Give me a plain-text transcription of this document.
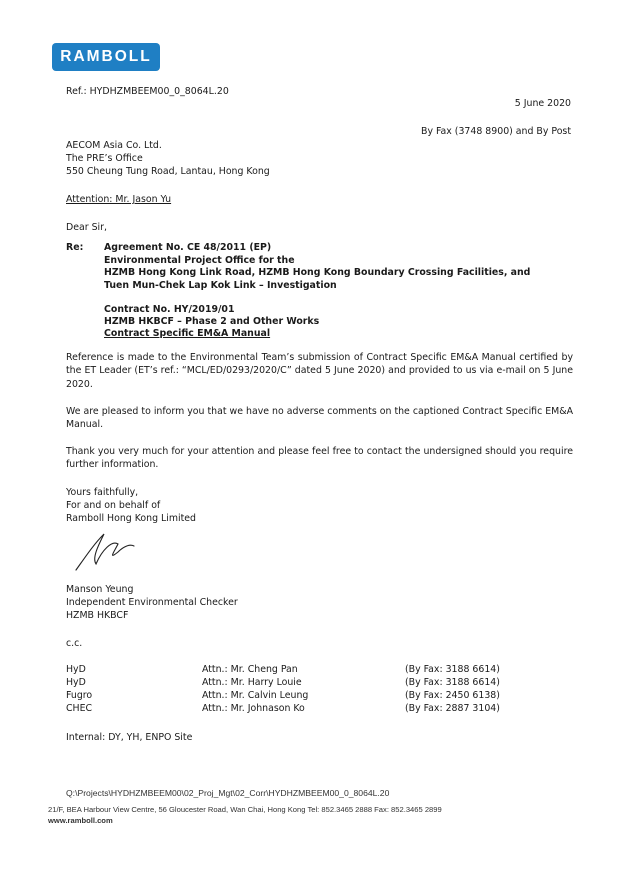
RAMBOLL
Ref.: HYDHZMBEEM00_0_8064L.20
5 June 2020
By Fax (3748 8900) and By Post
AECOM Asia Co. Ltd.
The PRE’s Office
550 Cheung Tung Road, Lantau, Hong Kong
Attention: Mr. Jason Yu
Dear Sir,
Re: Agreement No. CE 48/2011 (EP)
Environmental Project Office for the
HZMB Hong Kong Link Road, HZMB Hong Kong Boundary Crossing Facilities, and
Tuen Mun-Chek Lap Kok Link – Investigation
Contract No. HY/2019/01
HZMB HKBCF – Phase 2 and Other Works
Contract Specific EM&A Manual
Reference is made to the Environmental Team’s submission of Contract Specific EM&A Manual certified by the ET Leader (ET’s ref.: “MCL/ED/0293/2020/C” dated 5 June 2020) and provided to us via e-mail on 5 June 2020.
We are pleased to inform you that we have no adverse comments on the captioned Contract Specific EM&A Manual.
Thank you very much for your attention and please feel free to contact the undersigned should you require further information.
Yours faithfully,
For and on behalf of
Ramboll Hong Kong Limited
Manson Yeung
Independent Environmental Checker
HZMB HKBCF
c.c.
HyD	Attn.: Mr. Cheng Pan	(By Fax: 3188 6614)
HyD	Attn.: Mr. Harry Louie	(By Fax: 3188 6614)
Fugro	Attn.: Mr. Calvin Leung	(By Fax: 2450 6138)
CHEC	Attn.: Mr. Johnason Ko	(By Fax: 2887 3104)
Internal: DY, YH, ENPO Site
Q:\Projects\HYDHZMBEEM00\02_Proj_Mgt\02_Corr\HYDHZMBEEM00_0_8064L.20
21/F, BEA Harbour View Centre, 56 Gloucester Road, Wan Chai, Hong Kong Tel: 852.3465 2888 Fax: 852.3465 2899
www.ramboll.com
